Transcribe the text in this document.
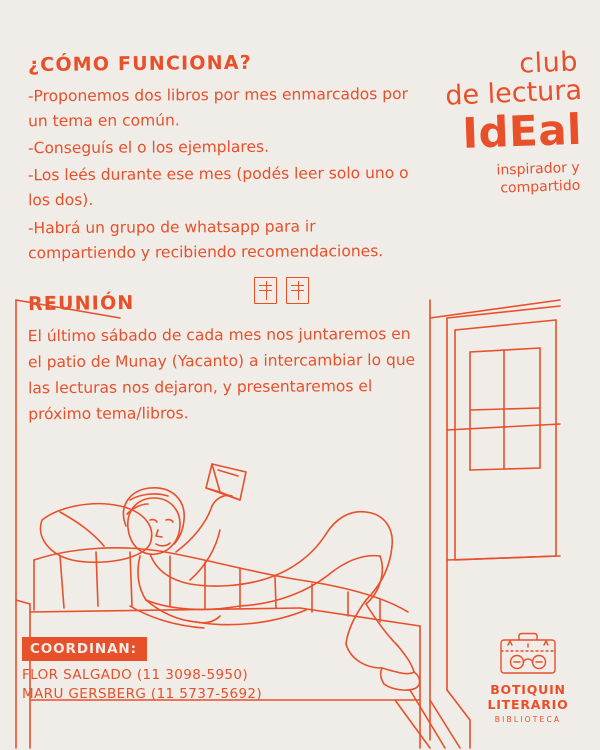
club
de lectura
IdEal
inspirador y
compartido
¿CÓMO FUNCIONA?
-Proponemos dos libros por mes enmarcados por un tema en común.
-Conseguís el o los ejemplares.
-Los leés durante ese mes (podés leer solo uno o los dos).
-Habrá un grupo de whatsapp para ir compartiendo y recibiendo recomendaciones.
REUNIÓN

El último sábado de cada mes nos juntaremos en el patio de Munay (Yacanto) a intercambiar lo que las lecturas nos dejaron, y presentaremos el próximo tema/libros.

COORDINAN:
FLOR SALGADO (11 3098-5950)
MARU GERSBERG (11 5737-5692)	BOTIQUIN
LITERARIO
BIBLIOTECA
